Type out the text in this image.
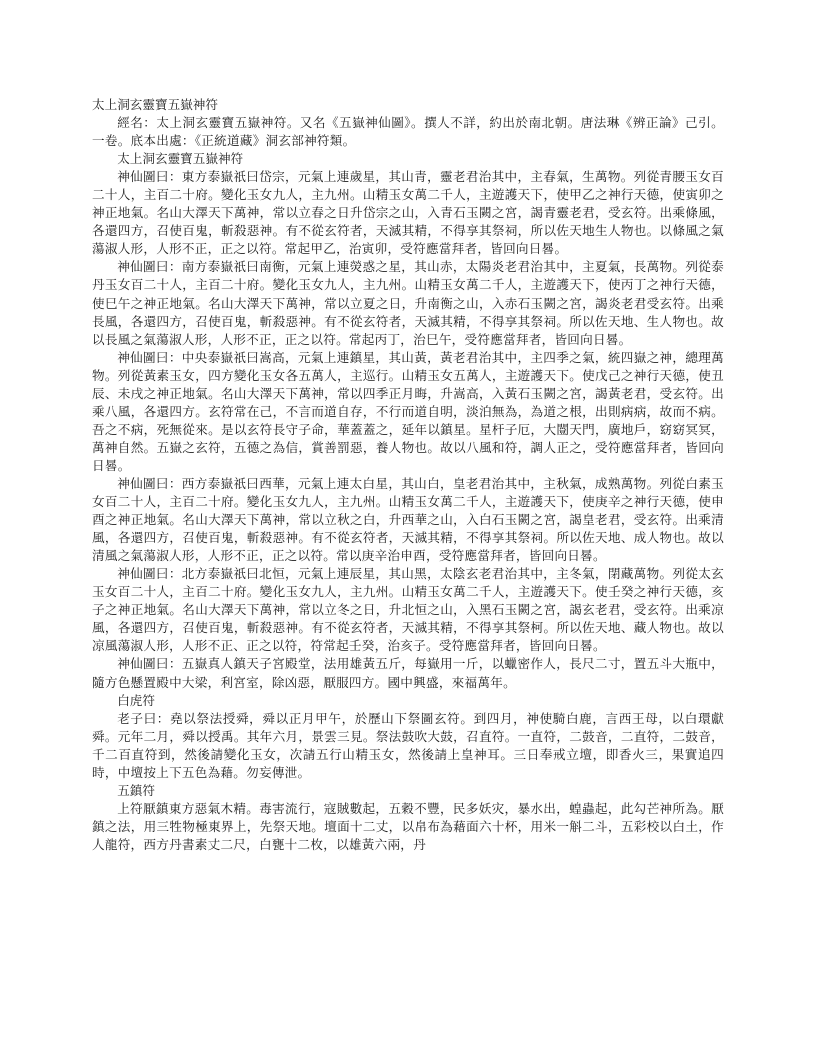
太上洞玄靈寶五嶽神符

經名：太上洞玄靈寶五嶽神符。又名《五嶽神仙圖》。撰人不詳，約出於南北朝。唐法琳《辨正論》己引。一卷。底本出處：《正統道藏》洞玄部神符類。

太上洞玄靈寶五嶽神符

神仙圖曰：東方泰嶽祇曰岱宗，元氣上連歲星，其山青，靈老君治其中，主春氣，生萬物。列從青腰玉女百二十人，主百二十府。變化玉女九人，主九州。山精玉女萬二千人，主遊護天下，使甲乙之神行天德，使寅卯之神正地氣。名山大澤天下萬神，常以立春之日升岱宗之山，入青石玉闕之宮，謁青靈老君，受玄符。出乘條風，各還四方，召使百鬼，斬殺惡神。有不從玄符者，天滅其精，不得享其祭祠，所以佐天地生人物也。以條風之氣蕩淑人形，人形不正，正之以符。常起甲乙，治寅卯，受符應當拜者，皆回向日晷。

神仙圖曰：南方泰嶽祇曰南衡，元氣上連熒惑之星，其山赤，太陽炎老君治其中，主夏氣，長萬物。列從泰丹玉女百二十人，主百二十府。變化玉女九人，主九州。山精玉女萬二千人，主遊護天下，使丙丁之神行天德，使巳午之神正地氣。名山大澤天下萬神，常以立夏之日，升南衡之山，入赤石玉闕之宮，謁炎老君受玄符。出乘長風，各還四方，召使百鬼，斬殺惡神。有不從玄符者，天滅其精，不得享其祭祠。所以佐天地、生人物也。故以長風之氣蕩淑人形，人形不正，正之以符。常起丙丁，治巳午，受符應當拜者，皆回向日晷。

神仙圖曰：中央泰嶽祇曰嵩高，元氣上連鎮星，其山黃，黃老君治其中，主四季之氣，統四嶽之神，總理萬物。列從黃素玉女，四方變化玉女各五萬人，主巡行。山精玉女五萬人，主遊護天下。使戊己之神行天德，使丑辰、未戌之神正地氣。名山大澤天下萬神，常以四季正月晦，升嵩高，入黃石玉闕之宮，謁黃老君，受玄符。出乘八風，各還四方。玄符常在己，不言而道自存，不行而道自明，淡泊無為，為道之根，出則病病，故而不病。吾之不病，死無從來。是以玄符長守子命，華蓋蓋之，延年以鎮星。星杆子厄，大闓天門，廣地戶，窈窈冥冥，萬神自然。五嶽之玄符，五德之為信，賞善罰惡，養人物也。故以八風和符，調人正之，受符應當拜者，皆回向日晷。

神仙圖曰：西方泰嶽祇曰西華，元氣上連太白星，其山白，皇老君治其中，主秋氣，成熟萬物。列從白素玉女百二十人，主百二十府。變化玉女九人，主九州。山精玉女萬二千人，主遊護天下，使庚辛之神行天德，使申酉之神正地氣。名山大澤天下萬神，常以立秋之白，升西華之山，入白石玉闕之宮，謁皇老君，受玄符。出乘清風，各還四方，召使百鬼，斬殺惡神。有不從玄符者，天滅其精，不得享其祭祠。所以佐天地、成人物也。故以清風之氣蕩淑人形，人形不正，正之以符。常以庚辛治申酉，受符應當拜者，皆回向日晷。

神仙圖曰：北方泰嶽祇曰北恒，元氣上連辰星，其山黑，太陰玄老君治其中，主冬氣，閉藏萬物。列從太玄玉女百二十人，主百二十府。變化玉女九人，主九州。山精玉女萬二千人，主遊護天下。使壬癸之神行天德，亥子之神正地氣。名山大澤天下萬神，常以立冬之日，升北恒之山，入黑石玉闕之宮，謁玄老君，受玄符。出乘凉風，各還四方，召使百鬼，斬殺惡神。有不從玄符者，天滅其精，不得享其祭柯。所以佐天地、藏人物也。故以凉風蕩淑人形，人形不正、正之以符，符常起壬癸，治亥子。受符應當拜者，皆回向日晷。

神仙圖曰：五嶽真人鎮天子宮殿堂，法用雄黃五斤，每嶽用一斤，以蠟密作人，長尺二寸，置五斗大瓶中，隨方色懸置殿中大梁，利宮室，除凶惡，厭服四方。國中興盛，來福萬年。

白虎符

老子曰：堯以祭法授舜，舜以正月甲午，於歷山下祭圖玄符。到四月，神使騎白鹿，言西王母，以白環獻舜。元年二月，舜以授禹。其年六月，景雲三見。祭法鼓吹大鼓，召直符。一直符，二鼓音，二直符，二鼓音，千二百直符到，然後請變化玉女，次請五行山精玉女，然後請上皇神耳。三日奉戒立壇，即香火三，果實追四時，中壇按上下五色為藉。勿妄傳泄。

五鎮符

上符厭鎮東方惡氣木精。毒害流行，寇賊數起，五穀不豐，民多妖灾，暴水出，蝗蟲起，此勾芒神所為。厭鎮之法，用三牲物極東界上，先祭天地。壇面十二丈，以帛布為藉面六十杯，用米一斛二斗，五彩校以白土，作人龍符，西方丹書素丈二尺，白甕十二枚，以雄黃六兩，丹
